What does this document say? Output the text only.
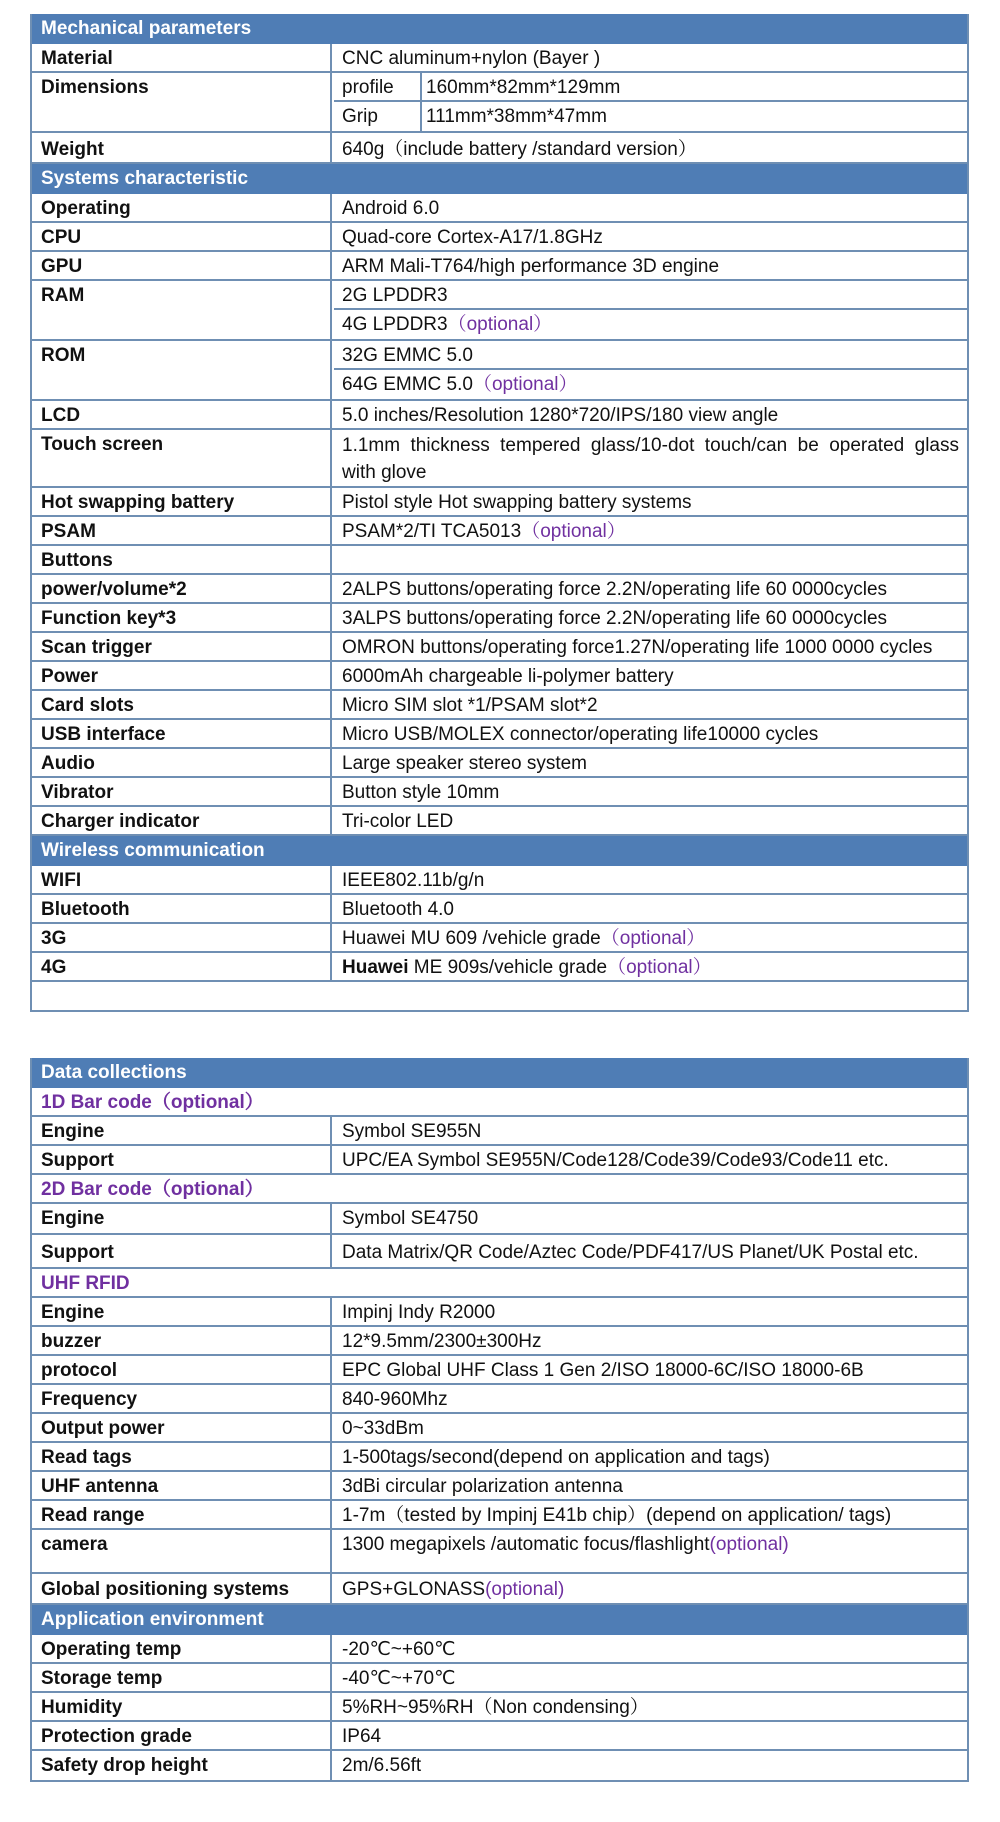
Mechanical parameters
Material	CNC aluminum+nylon (Bayer )
Dimensions	profile	160mm*82mm*129mm
Grip	111mm*38mm*47mm
Weight	640g（include battery /standard version）
Systems characteristic
Operating	Android 6.0
CPU	Quad-core Cortex-A17/1.8GHz
GPU	ARM Mali-T764/high performance 3D engine
RAM	2G LPDDR3
4G LPDDR3（optional）
ROM	32G EMMC 5.0
64G EMMC 5.0（optional）
LCD	5.0 inches/Resolution 1280*720/IPS/180 view angle
Touch screen	1.1mm thickness tempered glass/10-dot touch/can be operated glass with glove
Hot swapping battery	Pistol style Hot swapping battery systems
PSAM	PSAM*2/TI TCA5013（optional）
Buttons
power/volume*2	2ALPS buttons/operating force 2.2N/operating life 60 0000cycles
Function key*3	3ALPS buttons/operating force 2.2N/operating life 60 0000cycles
Scan trigger	OMRON buttons/operating force1.27N/operating life 1000 0000 cycles
Power	6000mAh chargeable li-polymer battery
Card slots	Micro SIM slot *1/PSAM slot*2
USB interface	Micro USB/MOLEX connector/operating life10000 cycles
Audio	Large speaker stereo system
Vibrator	Button style 10mm
Charger indicator	Tri-color LED
Wireless communication
WIFI	IEEE802.11b/g/n
Bluetooth	Bluetooth 4.0
3G	Huawei MU 609 /vehicle grade（optional）
4G	Huawei ME 909s/vehicle grade（optional）
Data collections
1D Bar code（optional）
Engine	Symbol SE955N
Support	UPC/EA Symbol SE955N/Code128/Code39/Code93/Code11 etc.
2D Bar code（optional）
Engine	Symbol SE4750
Support	Data Matrix/QR Code/Aztec Code/PDF417/US Planet/UK Postal etc.
UHF RFID
Engine	Impinj Indy R2000
buzzer	12*9.5mm/2300±300Hz
protocol	EPC Global UHF Class 1 Gen 2/ISO 18000-6C/ISO 18000-6B
Frequency	840-960Mhz
Output power	0~33dBm
Read tags	1-500tags/second(depend on application and tags)
UHF antenna	3dBi circular polarization antenna
Read range	1-7m（tested by Impinj E41b chip）(depend on application/ tags)
camera	1300 megapixels /automatic focus/flashlight(optional)
Global positioning systems	GPS+GLONASS(optional)
Application environment
Operating temp	-20℃~+60℃
Storage temp	-40℃~+70℃
Humidity	5%RH~95%RH（Non condensing）
Protection grade	IP64
Safety drop height	2m/6.56ft
